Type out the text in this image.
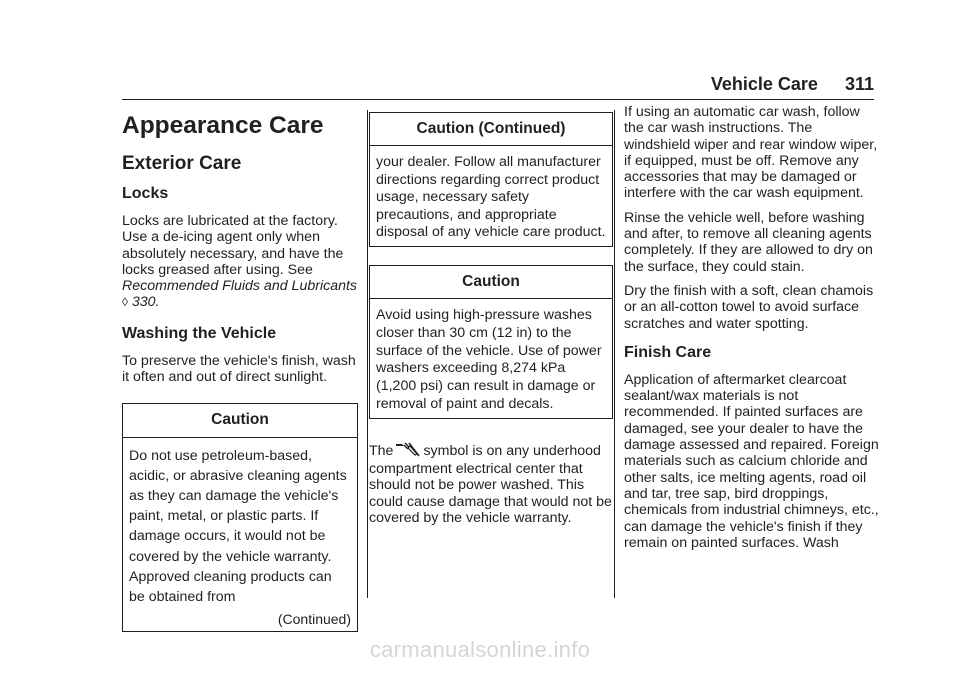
Vehicle Care 311
Appearance Care
Exterior Care
Locks

Locks are lubricated at the factory. Use a de-icing agent only when absolutely necessary, and have the locks greased after using. See Recommended Fluids and Lubricants ◊ 330.

Washing the Vehicle

To preserve the vehicle's finish, wash it often and out of direct sunlight.

Caution
Do not use petroleum-based, acidic, or abrasive cleaning agents as they can damage the vehicle's paint, metal, or plastic parts. If damage occurs, it would not be covered by the vehicle warranty. Approved cleaning products can be obtained from
(Continued)
Caution (Continued)
your dealer. Follow all manufacturer directions regarding correct product usage, necessary safety precautions, and appropriate disposal of any vehicle care product.
Caution
Avoid using high-pressure washes closer than 30 cm (12 in) to the surface of the vehicle. Use of power washers exceeding 8,274 kPa (1,200 psi) can result in damage or removal of paint and decals.

The symbol is on any underhood compartment electrical center that should not be power washed. This could cause damage that would not be covered by the vehicle warranty.

If using an automatic car wash, follow the car wash instructions. The windshield wiper and rear window wiper, if equipped, must be off. Remove any accessories that may be damaged or interfere with the car wash equipment.

Rinse the vehicle well, before washing and after, to remove all cleaning agents completely. If they are allowed to dry on the surface, they could stain.

Dry the finish with a soft, clean chamois or an all-cotton towel to avoid surface scratches and water spotting.

Finish Care

Application of aftermarket clearcoat sealant/wax materials is not recommended. If painted surfaces are damaged, see your dealer to have the damage assessed and repaired. Foreign materials such as calcium chloride and other salts, ice melting agents, road oil and tar, tree sap, bird droppings, chemicals from industrial chimneys, etc., can damage the vehicle's finish if they remain on painted surfaces. Wash

carmanualsonline.info
